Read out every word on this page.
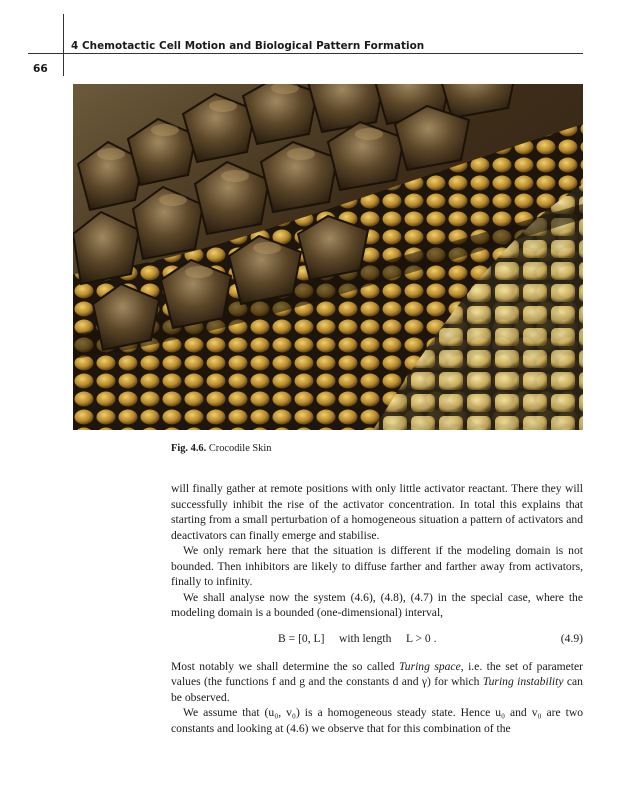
4 Chemotactic Cell Motion and Biological Pattern Formation
66
Fig. 4.6. Crocodile Skin

will finally gather at remote positions with only little activator reactant. There they will successfully inhibit the rise of the activator concentration. In total this explains that starting from a small perturbation of a homogeneous situation a pattern of activators and deactivators can finally emerge and stabilise.

We only remark here that the situation is different if the modeling domain is not bounded. Then inhibitors are likely to diffuse farther and farther away from activators, finally to infinity.

We shall analyse now the system (4.6), (4.8), (4.7) in the special case, where the modeling domain is a bounded (one-dimensional) interval,

B = [0, L]     with length     L > 0 .	(4.9)

Most notably we shall determine the so called Turing space, i.e. the set of parameter values (the functions f and g and the constants d and γ) for which Turing instability can be observed.

We assume that (u₀, v₀) is a homogeneous steady state. Hence u₀ and v₀ are two constants and looking at (4.6) we observe that for this combination of the
